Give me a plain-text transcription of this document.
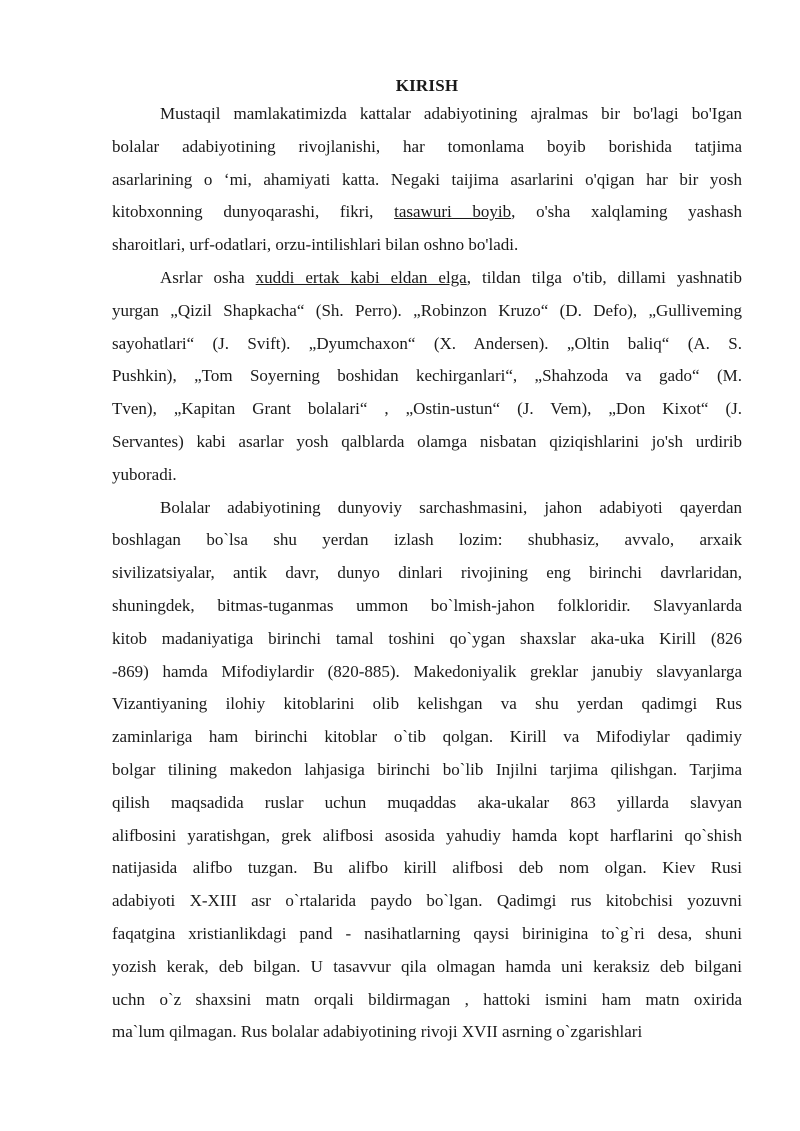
KIRISH

Mustaqil mamlakatimizda kattalar adabiyotining ajralmas bir bo'lagi bo'Igan
bolalar adabiyotining rivojlanishi, har tomonlama boyib borishida tatjima
asarlarining o ‘mi, ahamiyati katta. Negaki taijima asarlarini o'qigan har bir yosh
kitobxonning dunyoqarashi, fikri, tasawuri boyib, o'sha xalqlaming yashash
sharoitlari, urf-odatlari, orzu-intilishlari bilan oshno bo'ladi.

Asrlar osha xuddi ertak kabi eldan elga, tildan tilga o'tib, dillami yashnatib
yurgan „Qizil Shapkacha“ (Sh. Perro). „Robinzon Kruzo“ (D. Defo), „Gulliveming
sayohatlari“ (J. Svift). „Dyumchaxon“ (X. Andersen). „Oltin baliq“ (A. S.
Pushkin), „Tom Soyerning boshidan kechirganlari“, „Shahzoda va gado“ (M.
Tven), „Kapitan Grant bolalari“ , „Ostin-ustun“ (J. Vem), „Don Kixot“ (J.
Servantes) kabi asarlar yosh qalblarda olamga nisbatan qiziqishlarini jo'sh urdirib
yuboradi.

Bolalar adabiyotining dunyoviy sarchashmasini, jahon adabiyoti qayerdan
boshlagan bo`lsa shu yerdan izlash lozim: shubhasiz, avvalo, arxaik
sivilizatsiyalar, antik davr, dunyo dinlari rivojining eng birinchi davrlaridan,
shuningdek, bitmas-tuganmas ummon bo`lmish-jahon folkloridir. Slavyanlarda
kitob madaniyatiga birinchi tamal toshini qo`ygan shaxslar aka-uka Kirill (826
-869) hamda Mifodiylardir (820-885). Makedoniyalik greklar janubiy slavyanlarga
Vizantiyaning ilohiy kitoblarini olib kelishgan va shu yerdan qadimgi Rus
zaminlariga ham birinchi kitoblar o`tib qolgan. Kirill va Mifodiylar qadimiy
bolgar tilining makedon lahjasiga birinchi bo`lib Injilni tarjima qilishgan. Tarjima
qilish maqsadida ruslar uchun muqaddas aka-ukalar 863 yillarda slavyan
alifbosini yaratishgan, grek alifbosi asosida yahudiy hamda kopt harflarini qo`shish
natijasida alifbo tuzgan. Bu alifbo kirill alifbosi deb nom olgan. Kiev Rusi
adabiyoti X-XIII asr o`rtalarida paydo bo`lgan. Qadimgi rus kitobchisi yozuvni
faqatgina xristianlikdagi pand - nasihatlarning qaysi birinigina to`g`ri desa, shuni
yozish kerak, deb bilgan. U tasavvur qila olmagan hamda uni keraksiz deb bilgani
uchn o`z shaxsini matn orqali bildirmagan , hattoki ismini ham matn oxirida
ma`lum qilmagan. Rus bolalar adabiyotining rivoji XVII asrning o`zgarishlari
